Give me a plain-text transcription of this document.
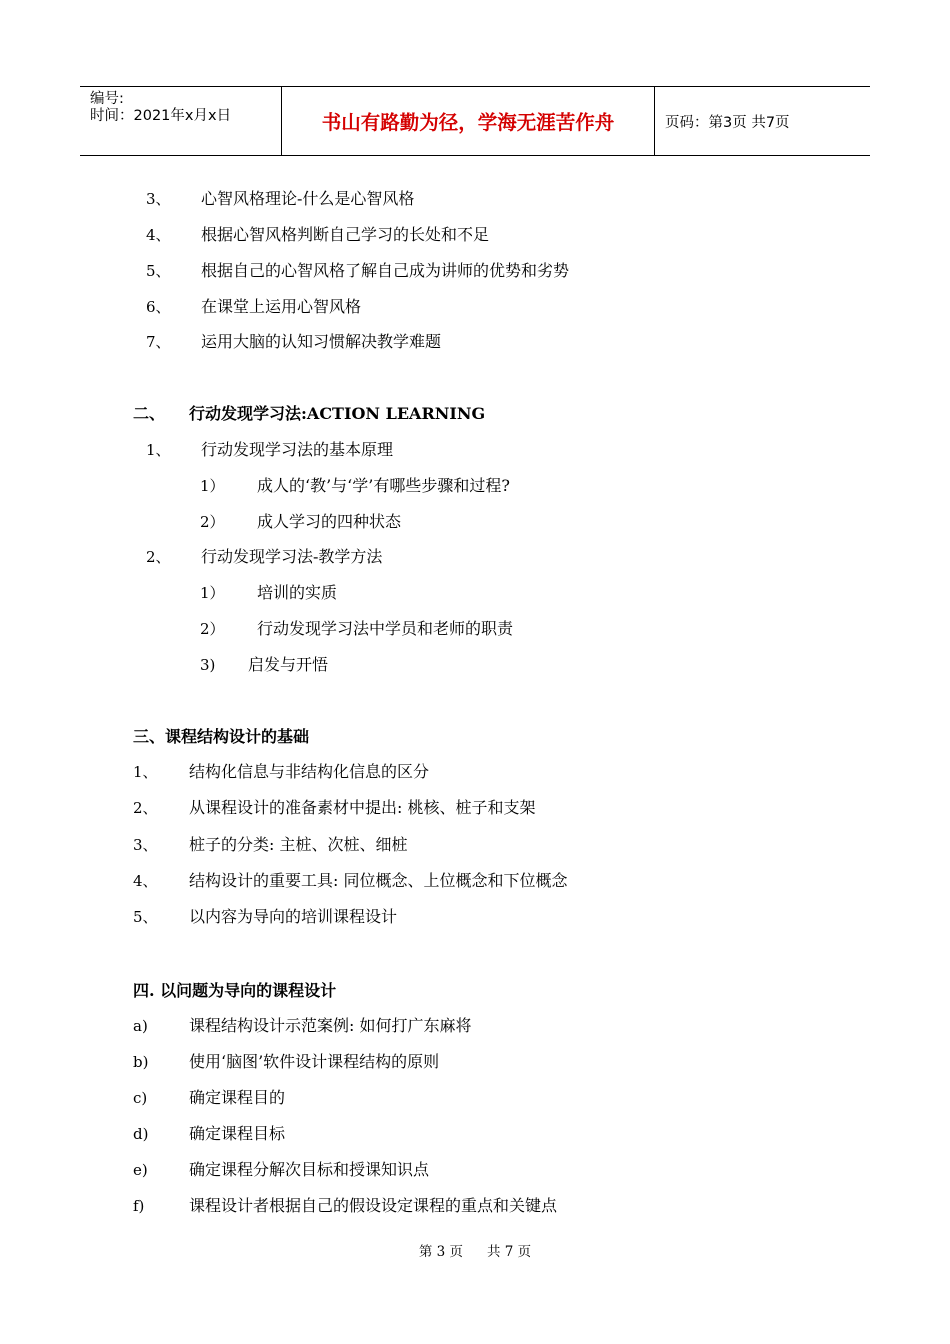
编号:
时间：2021年x月x日	书山有路勤为径，学海无涯苦作舟	页码：第3页 共7页
3、 心智风格理论-什么是心智风格
4、 根据心智风格判断自己学习的长处和不足
5、 根据自己的心智风格了解自己成为讲师的优势和劣势
6、 在课堂上运用心智风格
7、 运用大脑的认知习惯解决教学难题
二、 行动发现学习法:ACTION LEARNING
1、 行动发现学习法的基本原理
1） 成人的‘教’与‘学’有哪些步骤和过程?
2） 成人学习的四种状态
2、 行动发现学习法-教学方法
1） 培训的实质
2） 行动发现学习法中学员和老师的职责
3) 启发与开悟
三、课程结构设计的基础
1、 结构化信息与非结构化信息的区分
2、 从课程设计的准备素材中提出: 桃核、桩子和支架
3、 桩子的分类: 主桩、次桩、细桩
4、 结构设计的重要工具: 同位概念、上位概念和下位概念
5、 以内容为导向的培训课程设计
四. 以问题为导向的课程设计
a)	课程结构设计示范案例: 如何打广东麻将
b)	使用‘脑图’软件设计课程结构的原则
c)	确定课程目的
d)	确定课程目标
e)	确定课程分解次目标和授课知识点
f)	课程设计者根据自己的假设设定课程的重点和关键点
第 3 页 共 7 页
